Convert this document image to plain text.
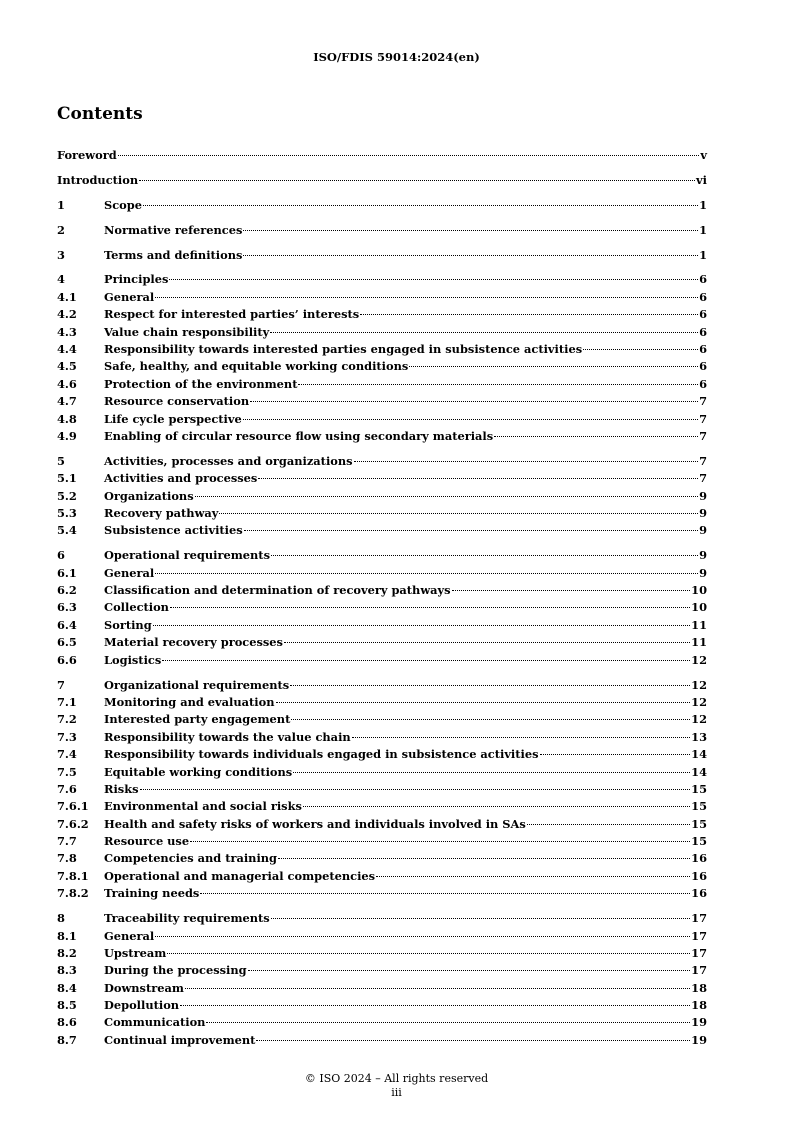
ISO/FDIS 59014:2024(en)
Contents
Foreword	v
Introduction	vi
1	Scope	1
2	Normative references	1
3	Terms and definitions	1
4	Principles	6
4.1	General	6
4.2	Respect for interested parties’ interests	6
4.3	Value chain responsibility	6
4.4	Responsibility towards interested parties engaged in subsistence activities	6
4.5	Safe, healthy, and equitable working conditions	6
4.6	Protection of the environment	6
4.7	Resource conservation	7
4.8	Life cycle perspective	7
4.9	Enabling of circular resource flow using secondary materials	7
5	Activities, processes and organizations	7
5.1	Activities and processes	7
5.2	Organizations	9
5.3	Recovery pathway	9
5.4	Subsistence activities	9
6	Operational requirements	9
6.1	General	9
6.2	Classification and determination of recovery pathways	10
6.3	Collection	10
6.4	Sorting	11
6.5	Material recovery processes	11
6.6	Logistics	12
7	Organizational requirements	12
7.1	Monitoring and evaluation	12
7.2	Interested party engagement	12
7.3	Responsibility towards the value chain	13
7.4	Responsibility towards individuals engaged in subsistence activities	14
7.5	Equitable working conditions	14
7.6	Risks	15
7.6.1	Environmental and social risks	15
7.6.2	Health and safety risks of workers and individuals involved in SAs	15
7.7	Resource use	15
7.8	Competencies and training	16
7.8.1	Operational and managerial competencies	16
7.8.2	Training needs	16
8	Traceability requirements	17
8.1	General	17
8.2	Upstream	17
8.3	During the processing	17
8.4	Downstream	18
8.5	Depollution	18
8.6	Communication	19
8.7	Continual improvement	19
© ISO 2024 – All rights reserved
iii
